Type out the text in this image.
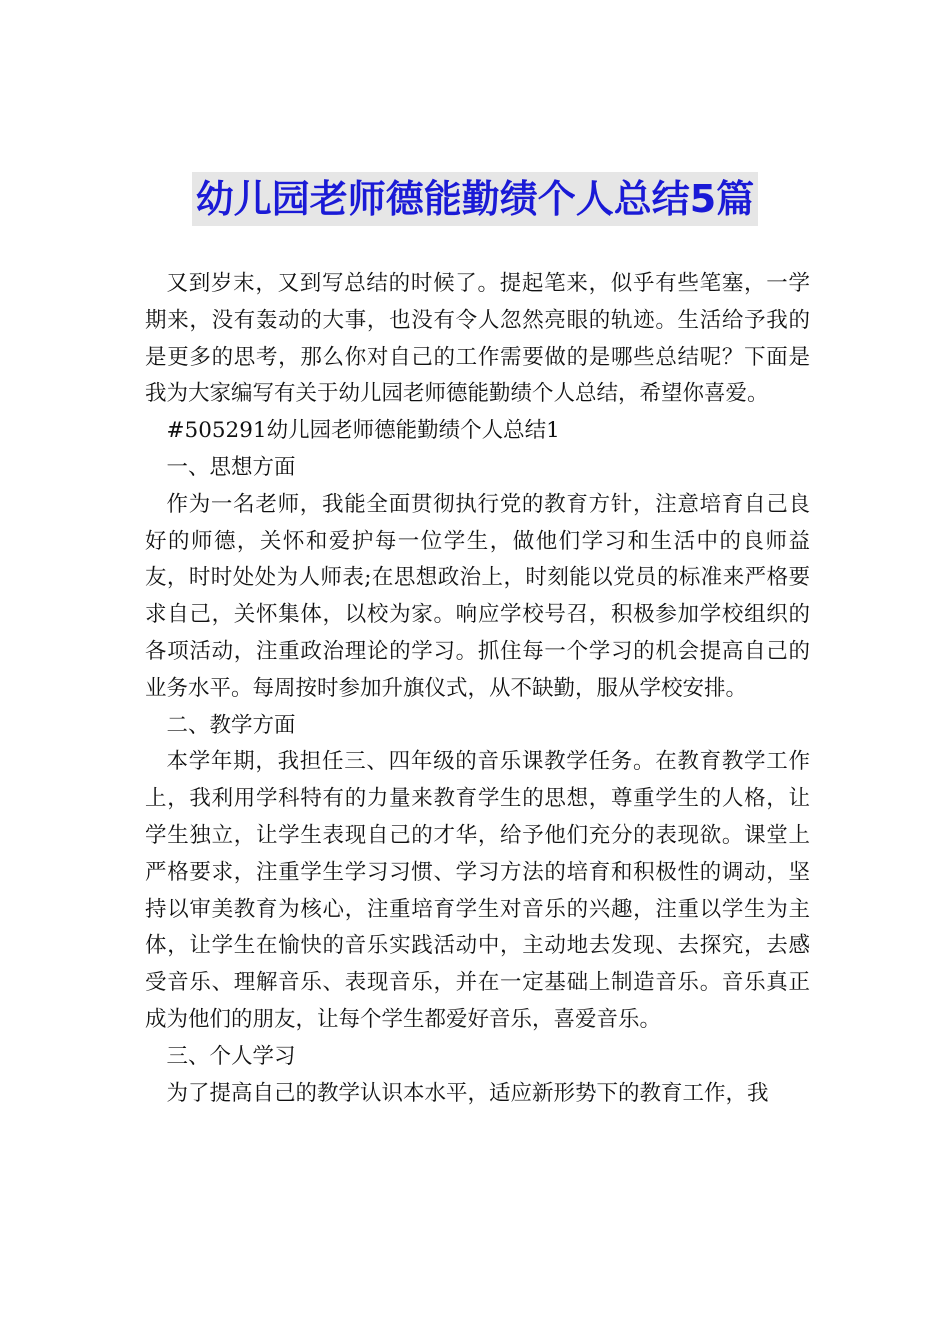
幼儿园老师德能勤绩个人总结5篇

又到岁末，又到写总结的时候了。提起笔来，似乎有些笔塞，一学期来，没有轰动的大事，也没有令人忽然亮眼的轨迹。生活给予我的是更多的思考，那么你对自己的工作需要做的是哪些总结呢？下面是我为大家编写有关于幼儿园老师德能勤绩个人总结，希望你喜爱。

#505291幼儿园老师德能勤绩个人总结1

一、思想方面

作为一名老师，我能全面贯彻执行党的教育方针，注意培育自己良好的师德，关怀和爱护每一位学生，做他们学习和生活中的良师益友，时时处处为人师表;在思想政治上，时刻能以党员的标准来严格要求自己，关怀集体，以校为家。响应学校号召，积极参加学校组织的各项活动，注重政治理论的学习。抓住每一个学习的机会提高自己的业务水平。每周按时参加升旗仪式，从不缺勤，服从学校安排。

二、教学方面

本学年期，我担任三、四年级的音乐课教学任务。在教育教学工作上，我利用学科特有的力量来教育学生的思想，尊重学生的人格，让学生独立，让学生表现自己的才华，给予他们充分的表现欲。课堂上严格要求，注重学生学习习惯、学习方法的培育和积极性的调动，坚持以审美教育为核心，注重培育学生对音乐的兴趣，注重以学生为主体，让学生在愉快的音乐实践活动中，主动地去发现、去探究，去感受音乐、理解音乐、表现音乐，并在一定基础上制造音乐。音乐真正成为他们的朋友，让每个学生都爱好音乐，喜爱音乐。

三、个人学习

为了提高自己的教学认识本水平，适应新形势下的教育工作，我
